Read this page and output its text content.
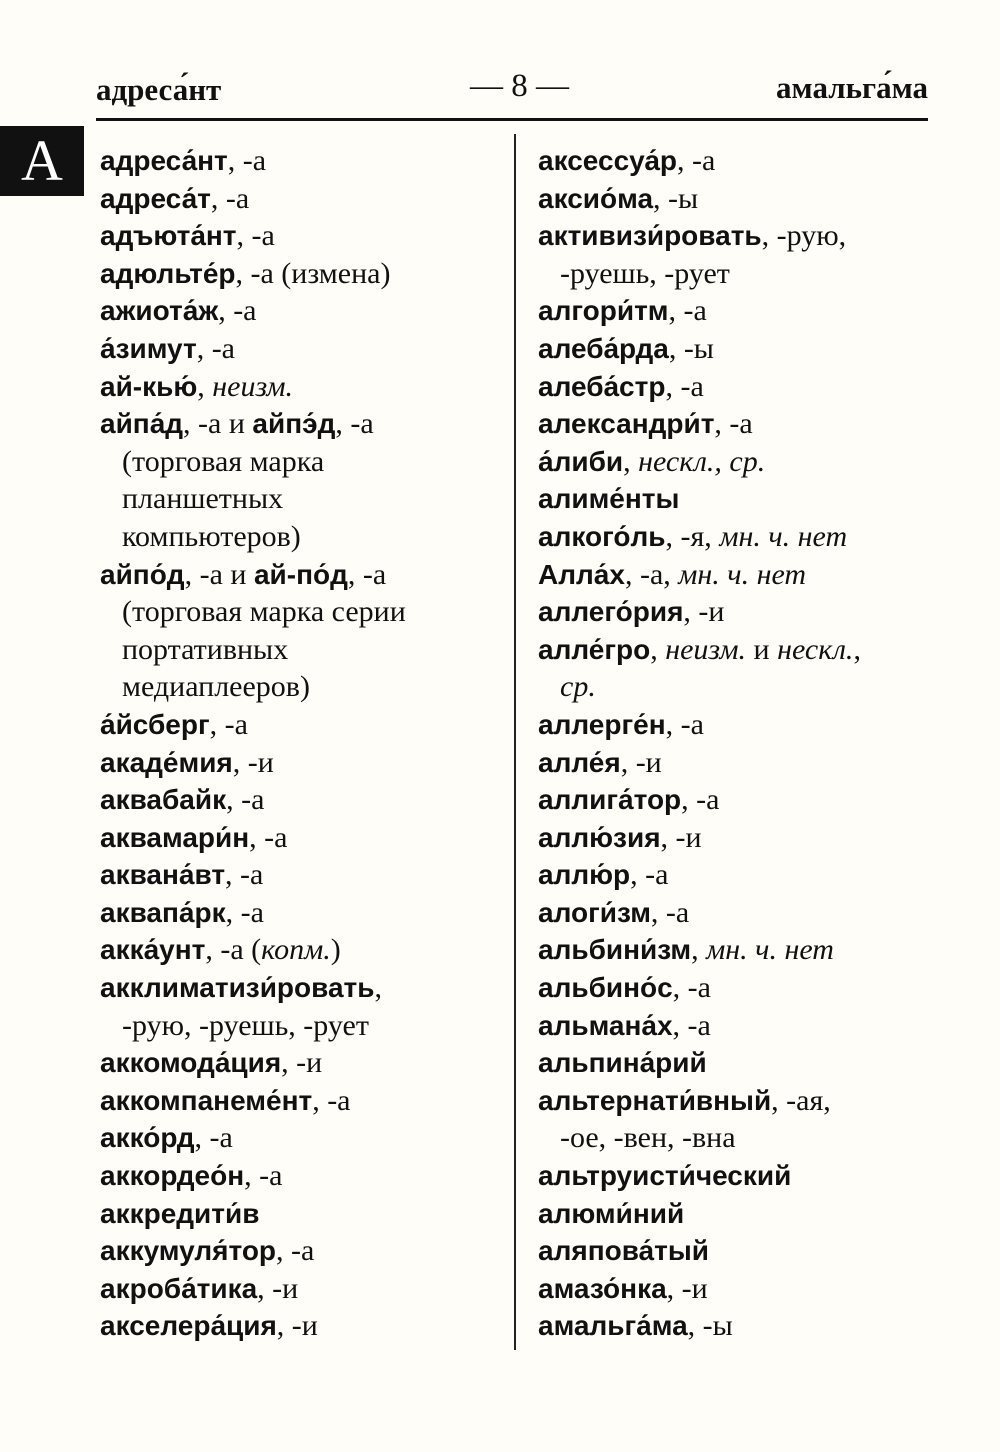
адреса́нт	— 8 —	амальга́ма
А	адреса́нт, -а
адреса́т, -а
адъюта́нт, -а
адюльте́р, -а (измена)
ажиота́ж, -а
а́зимут, -а
ай-кью́, неизм.
айпа́д, -а и айпэ́д, -а
(торговая марка
планшетных
компьютеров)
айпо́д, -а и ай-по́д, -а
(торговая марка серии
портативных
медиаплееров)
а́йсберг, -а
акаде́мия, -и
аквабайк, -а
аквамари́н, -а
аквана́вт, -а
аквапа́рк, -а
акка́унт, -а (копм.)
акклиматизи́ровать,
-рую, -руешь, -рует
аккомода́ция, -и
аккомпанеме́нт, -а
акко́рд, -а
аккордео́н, -а
аккредити́в
аккумуля́тор, -а
акроба́тика, -и
акселера́ция, -и
аксессуа́р, -а
аксио́ма, -ы
активизи́ровать, -рую,
-руешь, -рует
алгори́тм, -а
алеба́рда, -ы
алеба́стр, -а
александри́т, -а
а́либи, нескл., ср.
алиме́нты
алкого́ль, -я, мн. ч. нет
Алла́х, -а, мн. ч. нет
аллего́рия, -и
алле́гро, неизм. и нескл.,
ср.
аллерге́н, -а
алле́я, -и
аллига́тор, -а
аллю́зия, -и
аллю́р, -а
алоги́зм, -а
альбини́зм, мн. ч. нет
альбино́с, -а
альмана́х, -а
альпина́рий
альтернати́вный, -ая,
-ое, -вен, -вна
альтруисти́ческий
алюми́ний
аляпова́тый
амазо́нка, -и
амальга́ма, -ы
